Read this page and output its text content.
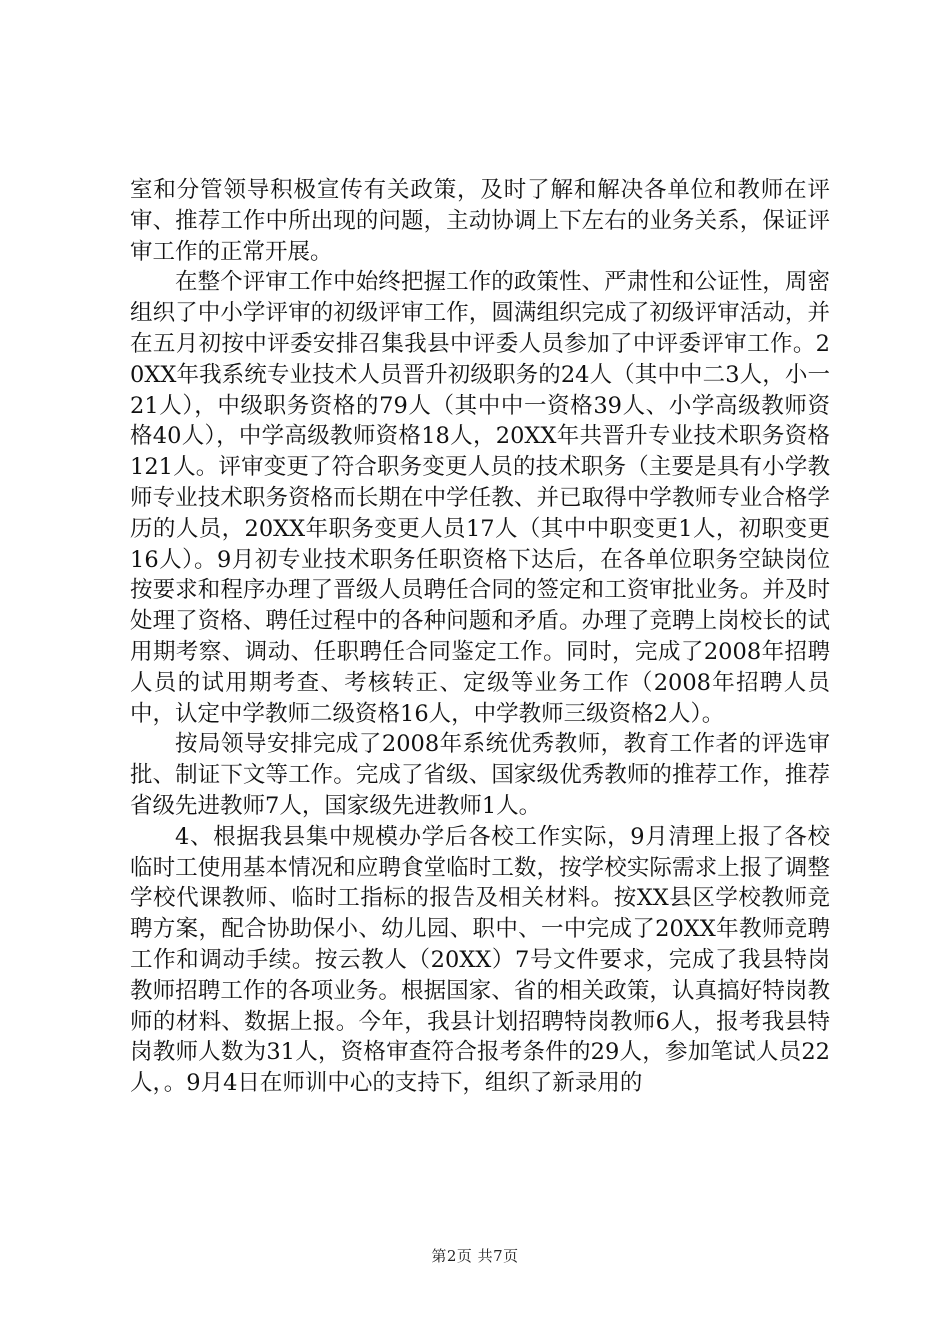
室和分管领导积极宣传有关政策，及时了解和解决各单位和教师在评审、推荐工作中所出现的问题，主动协调上下左右的业务关系，保证评审工作的正常开展。

在整个评审工作中始终把握工作的政策性、严肃性和公证性，周密组织了中小学评审的初级评审工作，圆满组织完成了初级评审活动，并在五月初按中评委安排召集我县中评委人员参加了中评委评审工作。20XX年我系统专业技术人员晋升初级职务的24人（其中中二3人，小一21人），中级职务资格的79人（其中中一资格39人、小学高级教师资格40人），中学高级教师资格18人，20XX年共晋升专业技术职务资格121人。评审变更了符合职务变更人员的技术职务（主要是具有小学教师专业技术职务资格而长期在中学任教、并已取得中学教师专业合格学历的人员，20XX年职务变更人员17人（其中中职变更1人，初职变更16人）。9月初专业技术职务任职资格下达后，在各单位职务空缺岗位按要求和程序办理了晋级人员聘任合同的签定和工资审批业务。并及时处理了资格、聘任过程中的各种问题和矛盾。办理了竞聘上岗校长的试用期考察、调动、任职聘任合同鉴定工作。同时，完成了2008年招聘人员的试用期考查、考核转正、定级等业务工作（2008年招聘人员中，认定中学教师二级资格16人，中学教师三级资格2人）。

按局领导安排完成了2008年系统优秀教师，教育工作者的评选审批、制证下文等工作。完成了省级、国家级优秀教师的推荐工作，推荐省级先进教师7人，国家级先进教师1人。

4、根据我县集中规模办学后各校工作实际，9月清理上报了各校临时工使用基本情况和应聘食堂临时工数，按学校实际需求上报了调整学校代课教师、临时工指标的报告及相关材料。按XX县区学校教师竞聘方案，配合协助保小、幼儿园、职中、一中完成了20XX年教师竞聘工作和调动手续。按云教人（20XX）7号文件要求，完成了我县特岗教师招聘工作的各项业务。根据国家、省的相关政策，认真搞好特岗教师的材料、数据上报。今年，我县计划招聘特岗教师6人，报考我县特岗教师人数为31人，资格审查符合报考条件的29人，参加笔试人员22人，。9月4日在师训中心的支持下，组织了新录用的

第2页 共7页
